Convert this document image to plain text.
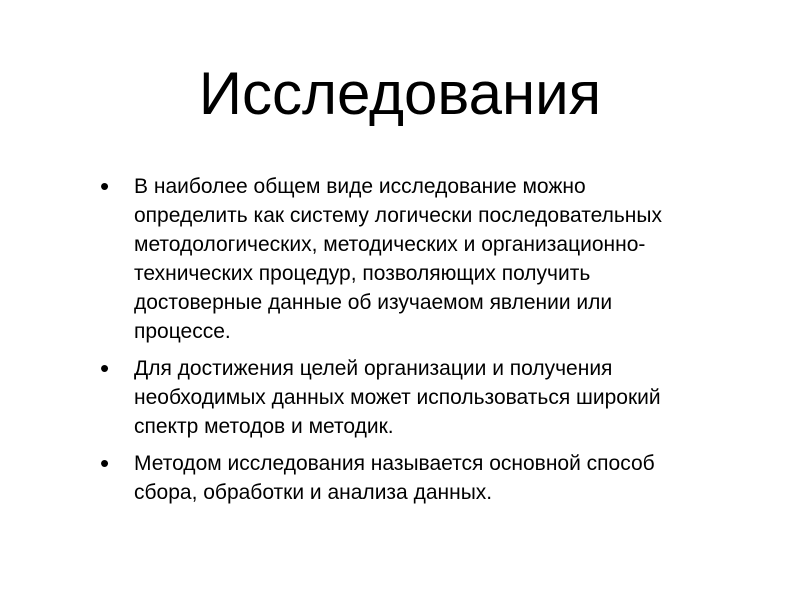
Исследования
•	В наиболее общем виде исследование можно определить как систему логически последовательных методологических, методических и организационно-технических процедур, позволяющих получить достоверные данные об изучаемом явлении или процессе.
•	Для достижения целей организации и получения необходимых данных может использоваться широкий спектр методов и методик.
•	Методом исследования называется основной способ сбора, обработки и анализа данных.
